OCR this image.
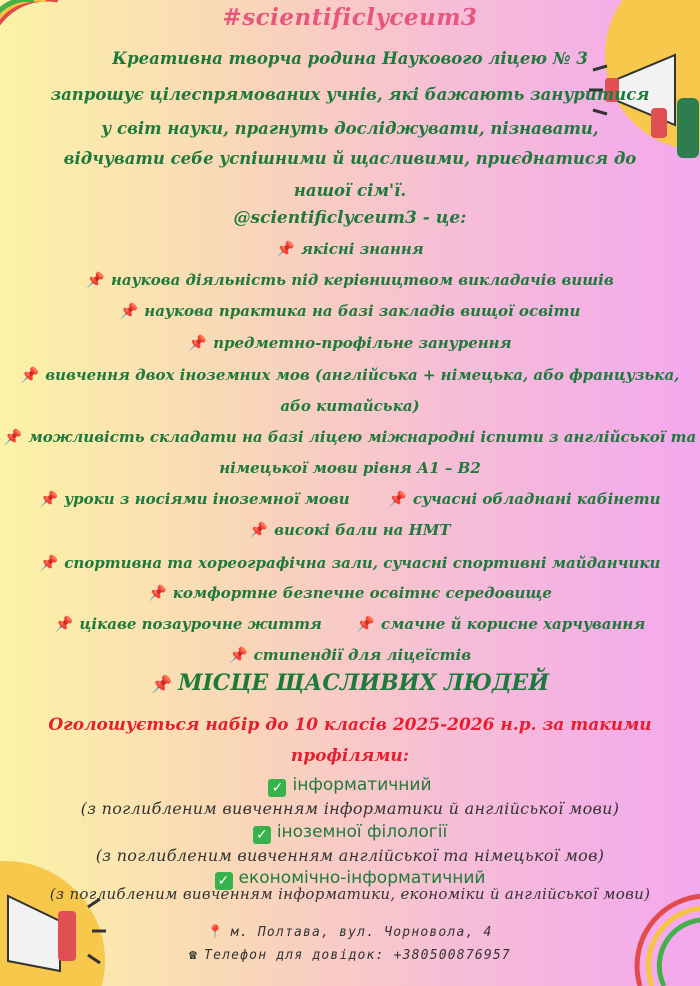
#scientificlyceum3
Креативна творча родина Наукового ліцею № 3
запрошує цілеспрямованих учнів, які бажають зануритися
у світ науки, прагнуть досліджувати, пізнавати,
відчувати себе успішними й щасливими, приєднатися до
нашої сім'ї.
@scientificlyceum3 - це:
📌 якісні знання
📌 наукова діяльність під керівництвом викладачів вишів
📌 наукова практика на базі закладів вищої освіти
📌 предметно-профільне занурення
📌 вивчення двох іноземних мов (англійська + німецька, або французька,
або китайська)
📌 можливість складати на базі ліцею міжнародні іспити з англійської та
німецької мови рівня А1 – В2
📌 уроки з носіями іноземної мови	📌 сучасні обладнані кабінети
📌 високі бали на НМТ
📌 спортивна та хореографічна зали, сучасні спортивні майданчики
📌 комфортне безпечне освітнє середовище
📌 цікаве позаурочне життя 📌 смачне й корисне харчування
📌 стипендії для ліцеїстів
📌 МІСЦЕ ЩАСЛИВИХ ЛЮДЕЙ
Оголошується набір до 10 класів 2025-2026 н.р. за такими
профілями:
✓ інформатичний
(з поглибленим вивченням інформатики й англійської мови)
✓ іноземної філології
(з поглибленим вивченням англійської та німецької мов)
✓ економічно-інформатичний
(з поглибленим вивченням інформатики, економіки й англійської мови)
📍 м. Полтава, вул. Чорновола, 4
☎ Телефон для довідок: +380500876957
